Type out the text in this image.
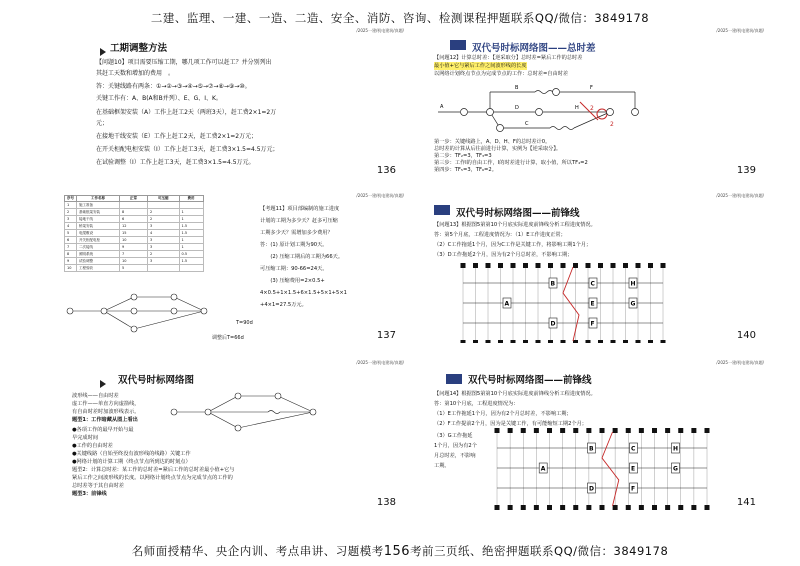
二建、监理、一建、一造、二造、安全、消防、咨询、检测课程押题联系QQ/微信：3849178
/2025一建/机电建筑/真题/
工期调整方法
【问题10】项目需要压缩工期，哪几项工作可以赶工？并分别列出
其赶工天数和增加的费用　。
答：关键线路有两条：①→②→③→④→⑤→⑦→⑧→⑨→⑩。
关键工作有：A、B(A和B并列）、E、G、I、K。
在基础框架安装（A）工作上赶工2天（两班3天），赶工费2×1=2万
元；
在接地干线安装（E）工作上赶工2天，赶工费2×1=2万元；
在开关柜配电柜安装（I）工作上赶工3天，赶工费3×1.5=4.5万元；
在试验调整（I）工作上赶工3天，赶工费3×1.5=4.5万元。
136
/2025一建/机电建筑/真题/
双代号时标网络图——总时差
【问题12】计算总时差：【逆采取分】总时差=紧后工作的总时差
最小值+它与紧后工作之间波形线的长度
以网络计划终点节点为完成节点的工作：总时差=自由时差
A
B
D
C
H
F
2
2
第一步：关键线路上，A、D、H、F的总时差计0。
总时差的计算从后往前进行计算，实例为【逆采取分】。
第二步：TF₂=3，TF₃=3
第三步：工作I的自由工作，I的时差进行计算，取小值，所以TF₄=2
第四步：TF₅=3，TF₆=2。	139
/2025一建/机电建筑/真题/
序号	工作名称	正常	可压缩	费用
1	施工准备			
2	基础框架安装	8	2	1
3	接地干线	6	2	1
4	桥架安装	12	3	1.5
5	电缆敷设	15	4	1.5
6	开关柜配电柜	10	3	1
7	二次接线	9	3	1
8	照明系统	7	2	0.5
9	试验调整	10	3	1.5
10	工程验收	5		
T=90d
调整后T=66d
【考题11】项目部编制的施工进度
计划的工期为多少天？赶多可压缩
工期多少天？需增加多少费用？
答：(1) 原计划工期为90天。
　　(2) 压缩工期后的工期为66天。
可压缩工期：90-66=24天。
　　(3) 压缩费用=2×0.5+
4×0.5+1×1.5+6×1.5+5×1+5×1
+4×1=27.5万元。
137
/2025一建/机电建筑/真题/
双代号时标网络图——前锋线
【问题13】根据图5第第10个月底实际进度前锋线分析工程进度情况。
答：第5个月底，工程进度情况为：（1）E工作进度正常；
（2）C工作拖延1个月，因为C工作是关键工作，将影响工期1个月；
（3）D工作拖延2个月，因为有2个月总时差，不影响工期；
A
B	C
D
E
F
G
H
140
/2025一建/机电建筑/真题/
双代号时标网络图
波形线——自由时差
虚工作——单直方向虚箭线，
有自由时差时加波形线表示。
题型1：工作暗藏从图上看出
●各项工作的最早开始与最
早完成时间
●工作的自由时差
●关键线路（自始至终没有波形线的线路）关键工作
●网络计划的计算工期（终点节点所到达的时刻点）
题型2：计算总时差：某工作的总时差=紧后工作的总时差最小值+它与
紧后工作之间波形线的长度。以网络计划终点节点为完成节点的工作的
总时差等于其自由时差
题型3：前锋线
138
/2025一建/机电建筑/真题/
双代号时标网络图——前锋线
【问题14】根据图5第第10个月底实际进度前锋线分析工程进度情况。
答：第10个月底，工程进度情况为：
（1）E工作拖延1个月，因为有2个月总时差，不影响工期；
（2）F工作提前2个月，因为是关键工作，有可能缩短工期2个月；
（3）G工作拖延
1个月，因为有2个
月总时差，不影响
工期。	A
B	C
D
E
F
G
H
141
名师面授精华、央企内训、考点串讲、习题模考156考前三页纸、绝密押题联系QQ/微信：3849178
